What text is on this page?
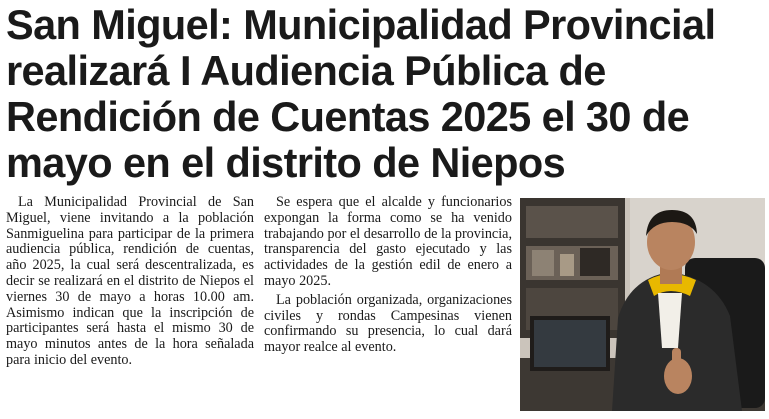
San Miguel: Municipalidad Provincial
realizará I Audiencia Pública de
Rendición de Cuentas 2025 el 30 de
mayo en el distrito de Niepos

La Municipalidad Provincial de San Miguel, viene invitando a la población Sanmiguelina para participar de la primera audiencia pública, rendición de cuentas, año 2025, la cual será descentralizada, es decir se realizará en el distrito de Niepos el viernes 30 de mayo a horas 10.00 am. Asimismo indican que la inscripción de participantes será hasta el mismo 30 de mayo minutos antes de la hora señalada para inicio del evento.

Se espera que el alcalde y funcionarios expongan la forma como se ha venido trabajando por el desarrollo de la provincia, transparencia del gasto ejecutado y las actividades de la gestión edil de enero a mayo 2025.

La población organizada, organizaciones civiles y rondas Campesinas vienen confirmando su presencia, lo cual dará mayor realce al evento.
